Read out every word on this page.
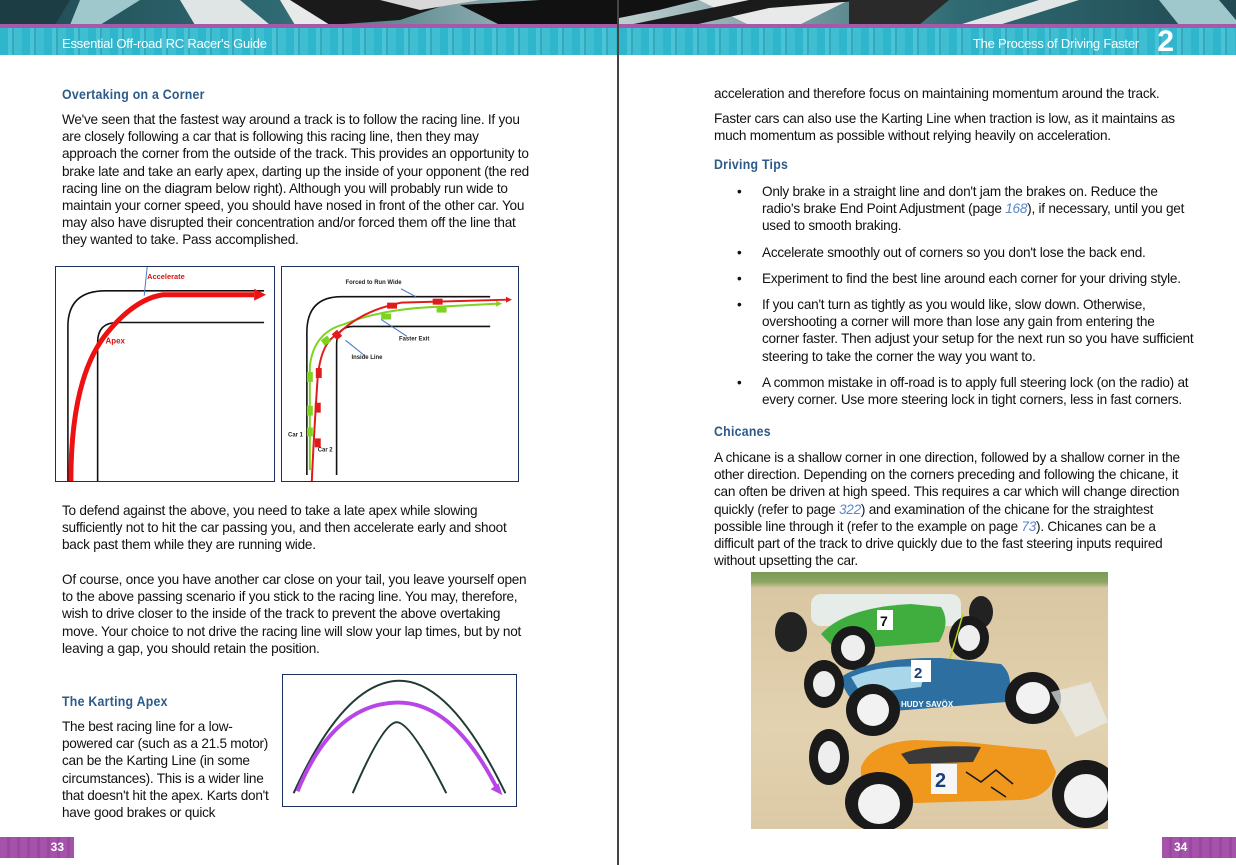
Essential Off-road RC Racer's Guide
Overtaking on a Corner
We've seen that the fastest way around a track is to follow the racing line. If you are closely following a car that is following this racing line, then they may approach the corner from the outside of the track. This provides an opportunity to brake late and take an early apex, darting up the inside of your opponent (the red racing line on the diagram below right). Although you will probably run wide to maintain your corner speed, you should have nosed in front of the other car. You may also have disrupted their concentration and/or forced them off the line that they wanted to take. Pass accomplished.
Accelerate
Apex
Forced to Run Wide
Faster Exit
Inside Line
Car 1
Car 2
To defend against the above, you need to take a late apex while slowing sufficiently not to hit the car passing you, and then accelerate early and shoot back past them while they are running wide.
Of course, once you have another car close on your tail, you leave yourself open to the above passing scenario if you stick to the racing line. You may, therefore, wish to drive closer to the inside of the track to prevent the above overtaking move. Your choice to not drive the racing line will slow your lap times, but by not leaving a gap, you should retain the position.
The Karting Apex
The best racing line for a low-powered car (such as a 21.5 motor) can be the Karting Line (in some circumstances). This is a wider line that doesn't hit the apex. Karts don't have good brakes or quick
33
The Process of Driving Faster 2
acceleration and therefore focus on maintaining momentum around the track.
Faster cars can also use the Karting Line when traction is low, as it maintains as much momentum as possible without relying heavily on acceleration.
Driving Tips
• Only brake in a straight line and don't jam the brakes on. Reduce the radio's brake End Point Adjustment (page 168), if necessary, until you get used to smooth braking.
• Accelerate smoothly out of corners so you don't lose the back end.
• Experiment to find the best line around each corner for your driving style.
• If you can't turn as tightly as you would like, slow down. Otherwise, overshooting a corner will more than lose any gain from entering the corner faster. Then adjust your setup for the next run so you have sufficient steering to take the corner the way you want to.
• A common mistake in off-road is to apply full steering lock (on the radio) at every corner. Use more steering lock in tight corners, less in fast corners.
Chicanes
A chicane is a shallow corner in one direction, followed by a shallow corner in the other direction. Depending on the corners preceding and following the chicane, it can often be driven at high speed. This requires a car which will change direction quickly (refer to page 322) and examination of the chicane for the straightest possible line through it (refer to the example on page 73). Chicanes can be a difficult part of the track to drive quickly due to the fast steering inputs required without upsetting the car.
7
2
HUDY SAVÖX
2
34
